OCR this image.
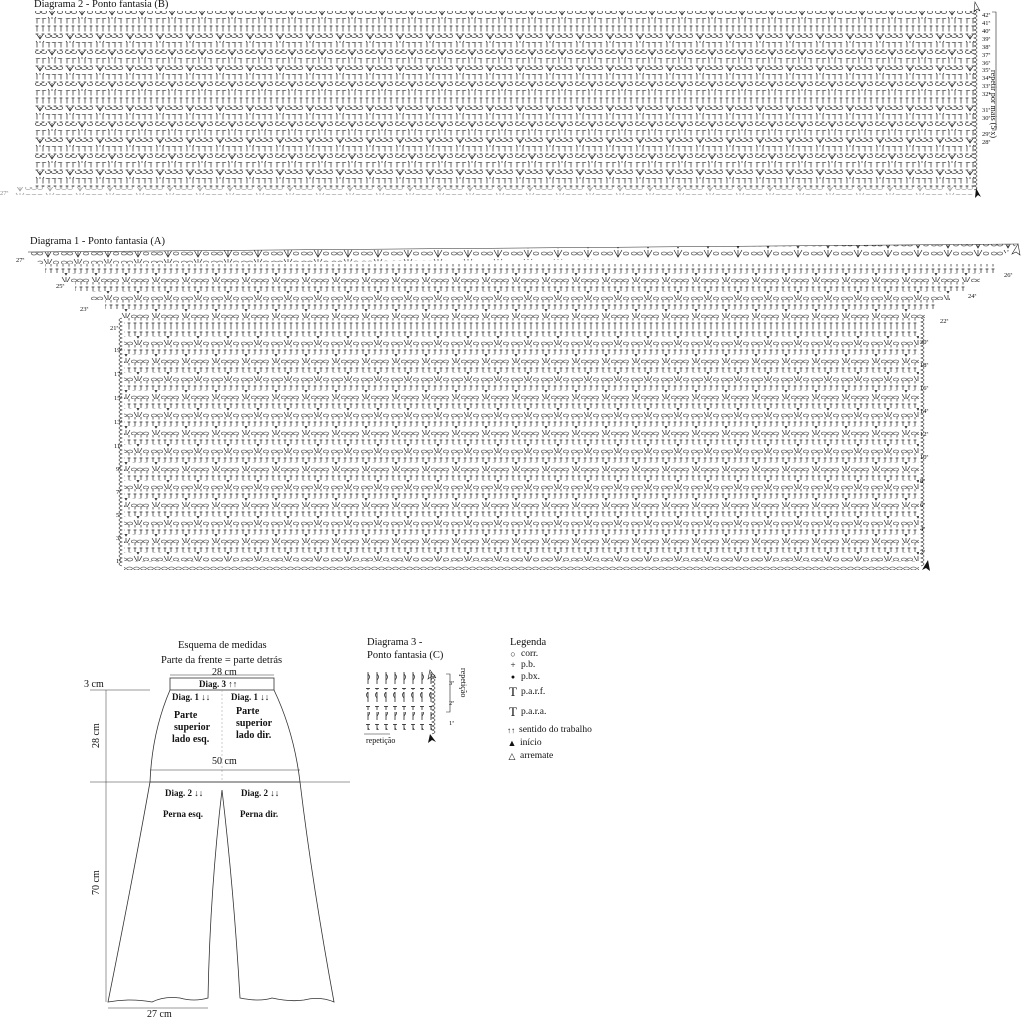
Diagrama 2 - Ponto fantasia (B)
repetir por mais (5 x)
42ª
41ª
40ª
39ª
38ª
37ª
36ª
35ª
34ª
33ª
32ª
31ª
30ª
29ª
28ª
27ª
Diagrama 1 - Ponto fantasia (A)
27ª
25ª
23ª
21ª
19ª
17ª
15ª
13ª
11ª
9ª
7ª
5ª
3ª
1ª
26ª
24ª
22ª
20ª
18ª
16ª
14ª
12ª
10ª
8ª
6ª
4ª
2ª
Esquema de medidas
Parte da frente = parte detrás
28 cm
3 cm
28 cm
70 cm
50 cm
27 cm
Diag. 3 ↑↑
Diag. 1 ↓↓
Parte
superior
lado esq.
Diag. 1 ↓↓
Parte
superior
lado dir.
Diag. 2 ↓↓
Perna esq.
Diag. 2 ↓↓
Perna dir.
Diagrama 3 -
Ponto fantasia (C)
3ª
2ª
1ª
repetição
repetição
Legenda
○ corr.
+ p.b.
● p.bx.
T p.a.r.f.
T p.a.r.a.
↑↑ sentido do trabalho
▲ início
△ arremate
